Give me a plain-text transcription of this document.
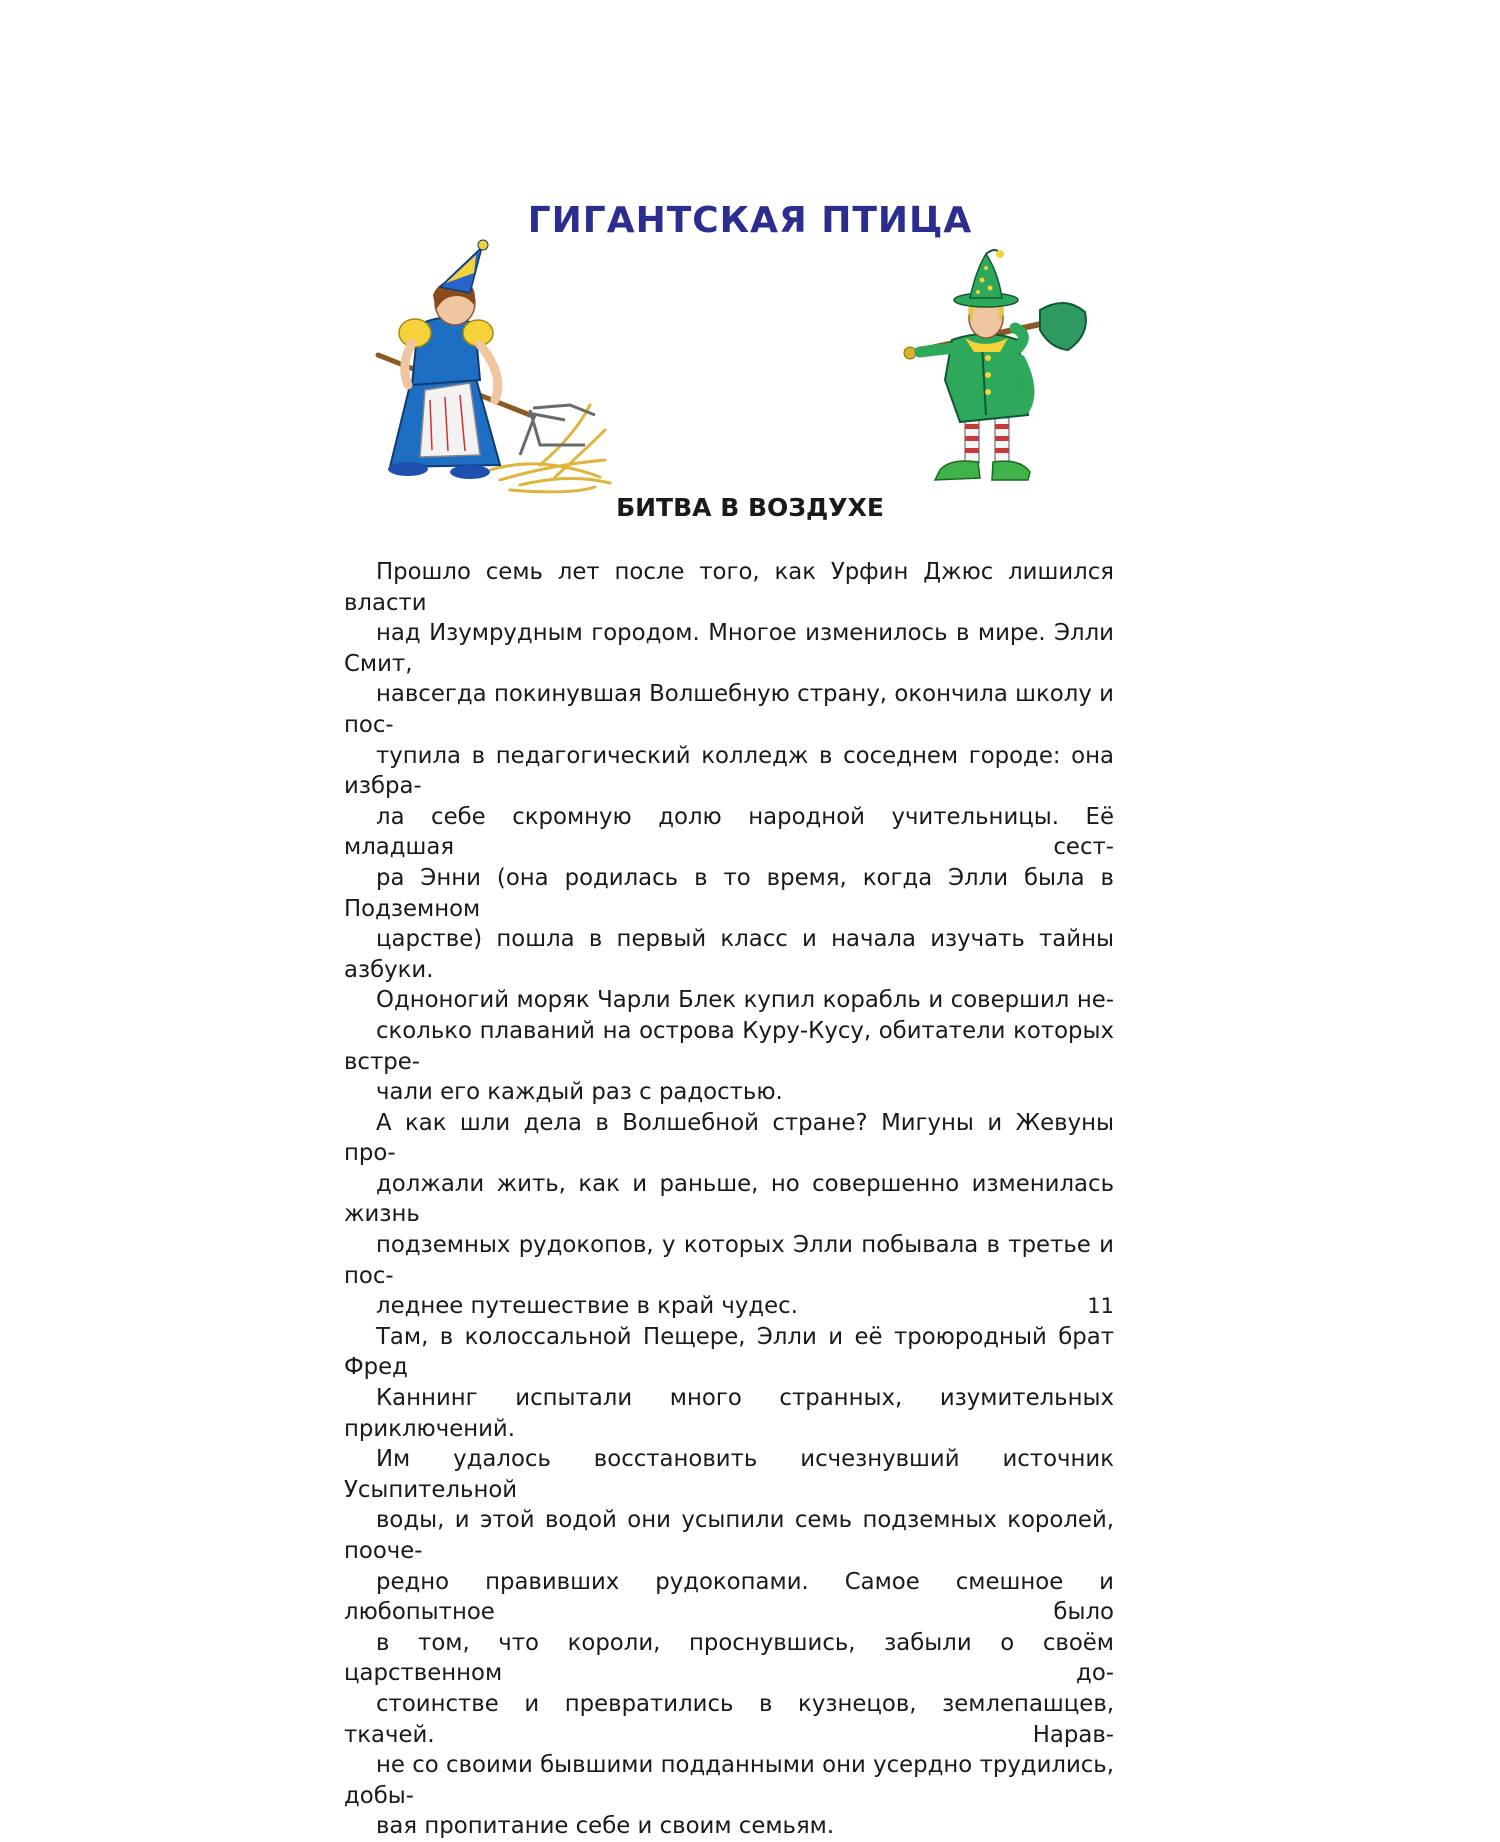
ГИГАНТСКАЯ ПТИЦА
БИТВА В ВОЗДУХЕ

Прошло семь лет после того, как Урфин Джюс лишился власти
над Изумрудным городом. Многое изменилось в мире. Элли Смит,
навсегда покинувшая Волшебную страну, окончила школу и пос-
тупила в педагогический колледж в соседнем городе: она избра-
ла себе скромную долю народной учительницы. Её младшая сест-
ра Энни (она родилась в то время, когда Элли была в Подземном
царстве) пошла в первый класс и начала изучать тайны азбуки.

Одноногий моряк Чарли Блек купил корабль и совершил не-
сколько плаваний на острова Куру-Кусу, обитатели которых встре-
чали его каждый раз с радостью.

А как шли дела в Волшебной стране? Мигуны и Жевуны про-
должали жить, как и раньше, но совершенно изменилась жизнь
подземных рудокопов, у которых Элли побывала в третье и пос-
леднее путешествие в край чудес.

Там, в колоссальной Пещере, Элли и её троюродный брат Фред
Каннинг испытали много странных, изумительных приключений.
Им удалось восстановить исчезнувший источник Усыпительной
воды, и этой водой они усыпили семь подземных королей, пооче-
редно правивших рудокопами. Самое смешное и любопытное было
в том, что короли, проснувшись, забыли о своём царственном до-
стоинстве и превратились в кузнецов, землепашцев, ткачей. Нарав-
не со своими бывшими подданными они усердно трудились, добы-
вая пропитание себе и своим семьям.

11
